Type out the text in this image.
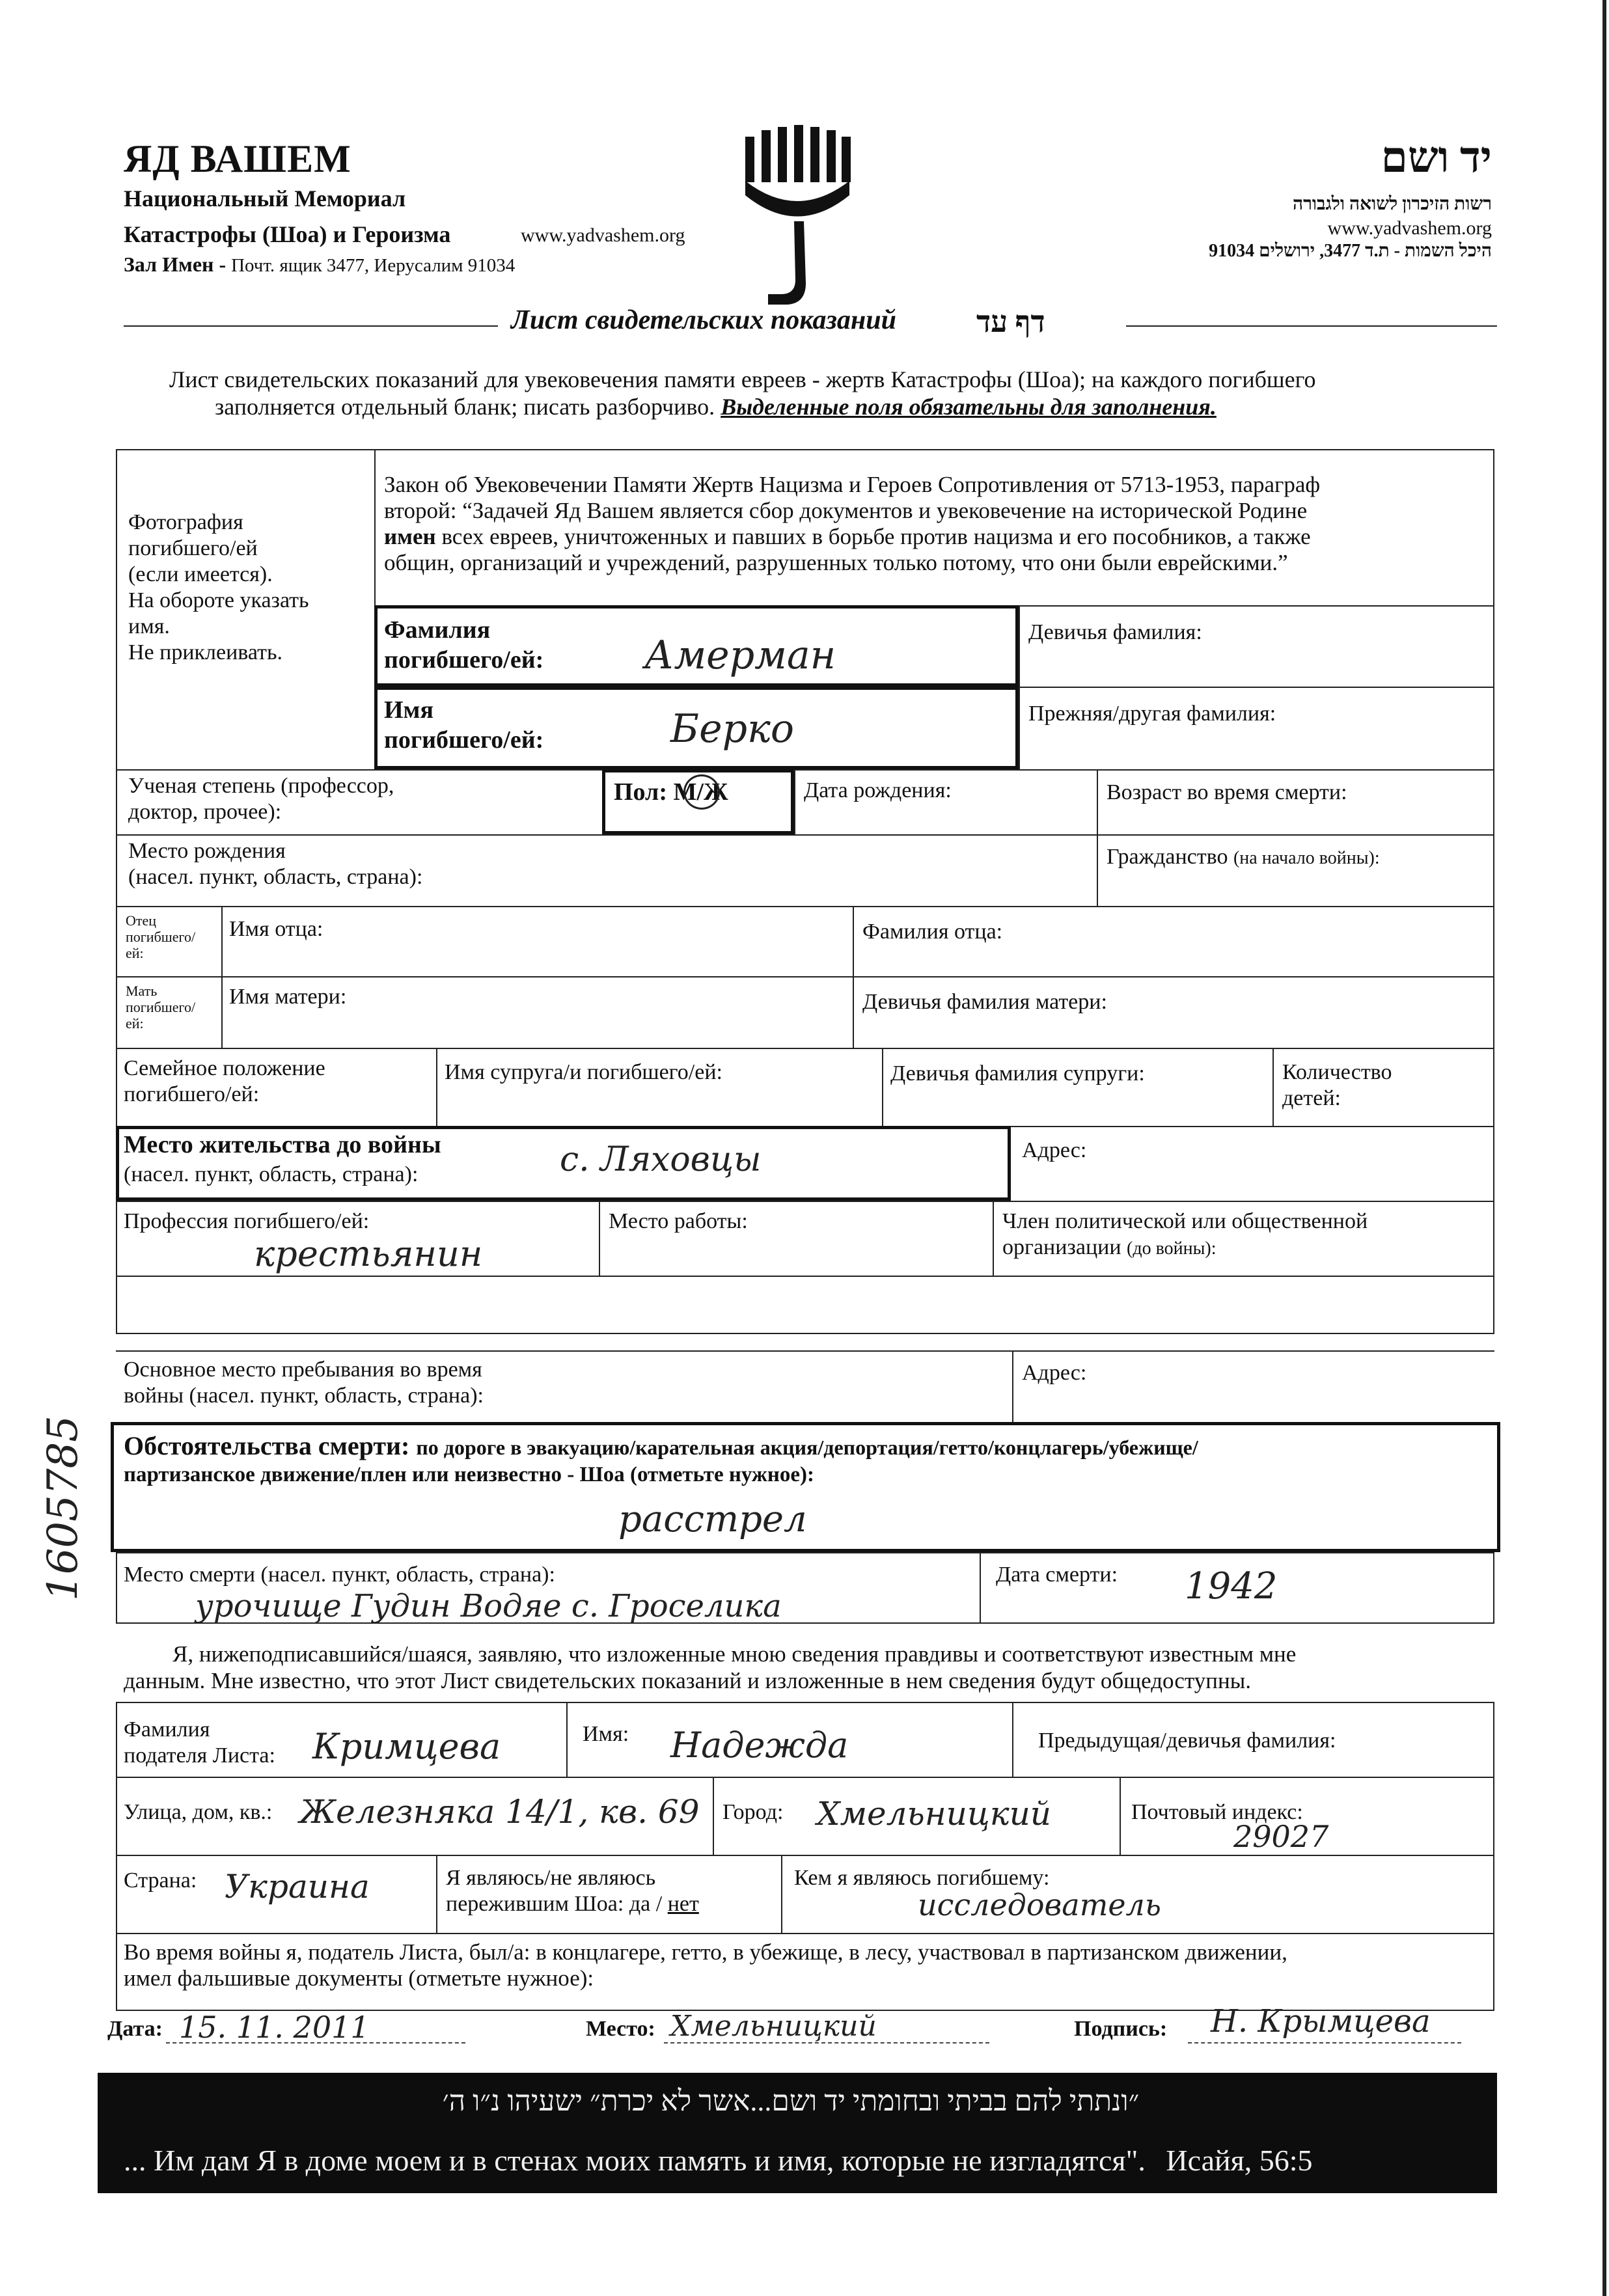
ЯД ВАШЕМ
Национальный Мемориал
Катастрофы (Шоа) и Героизма	www.yadvashem.org
Зал Имен - Почт. ящик 3477, Иерусалим 91034
יד ושם
רשות הזיכרון לשואה ולגבורה
www.yadvashem.org
היכל השמות - ת.ד 3477, ירושלים 91034
Лист свидетельских показаний	דף עד
Лист свидетельских показаний для увековечения памяти евреев - жертв Катастрофы (Шоа); на каждого погибшего
заполняется отдельный бланк; писать разборчиво. Выделенные поля обязательны для заполнения.
Фотография
погибшего/ей
(если имеется).
На обороте указать
имя.
Не приклеивать.
Закон об Увековечении Памяти Жертв Нацизма и Героев Сопротивления от 5713-1953, параграф
второй: “Задачей Яд Вашем является сбор документов и увековечение на исторической Родине
имен всех евреев, уничтоженных и павших в борьбе против нацизма и его пособников, а также
общин, организаций и учреждений, разрушенных только потому, что они были еврейскими.”
Фамилия
погибшего/ей:	Амерман
Девичья фамилия:
Имя
погибшего/ей:	Берко	Прежняя/другая фамилия:
Ученая степень (профессор,
доктор, прочее):
Пол: М/Ж	Дата рождения:	Возраст во время смерти:
Место рождения
(насел. пункт, область, страна):
Гражданство (на начало войны):
Отец
погибшего/
ей:
Имя отца:	Фамилия отца:
Мать
погибшего/
ей:
Имя матери:	Девичья фамилия матери:
Семейное положение
погибшего/ей:
Имя супруга/и погибшего/ей:	Девичья фамилия супруги:	Количество
детей:
Место жительства до войны
(насел. пункт, область, страна):	с. Ляховцы	Адрес:
Профессия погибшего/ей:
крестьянин
Место работы:	Член политической или общественной
организации (до войны):
Основное место пребывания во время
войны (насел. пункт, область, страна):
Адрес:
Обстоятельства смерти: по дороге в эвакуацию/карательная акция/депортация/гетто/концлагерь/убежище/
партизанское движение/плен или неизвестно - Шоа (отметьте нужное):
расстрел
Место смерти (насел. пункт, область, страна):
урочище Гудин Водяе с. Гроселика
Дата смерти: 1942
Я, нижеподписавшийся/шаяся, заявляю, что изложенные мною сведения правдивы и соответствуют известным мне
данным. Мне известно, что этот Лист свидетельских показаний и изложенные в нем сведения будут общедоступны.
Фамилия
подателя Листа: Кримцева	Имя: Надежда	Предыдущая/девичья фамилия:
Улица, дом, кв.: Железняка 14/1, кв. 69 Город: Хмельницкий	Почтовый индекс:
29027
Страна: Украина	Я являюсь/не являюсь
пережившим Шоа: да / нет
Кем я являюсь погибшему:
исследователь
Во время войны я, податель Листа, был/а: в концлагере, гетто, в убежище, в лесу, участвовал в партизанском движении,
имел фальшивые документы (отметьте нужное):
Дата: 15. 11. 2011	Место: Хмельницкий	Подпись: Н. Крымцева
״ונתתי להם בביתי ובחומתי יד ושם...אשר לא יכרת״ ישעיהו נ״ו ה׳
... Им дам Я в доме моем и в стенах моих память и имя, которые не изгладятся". Исайя, 56:5
1605785
